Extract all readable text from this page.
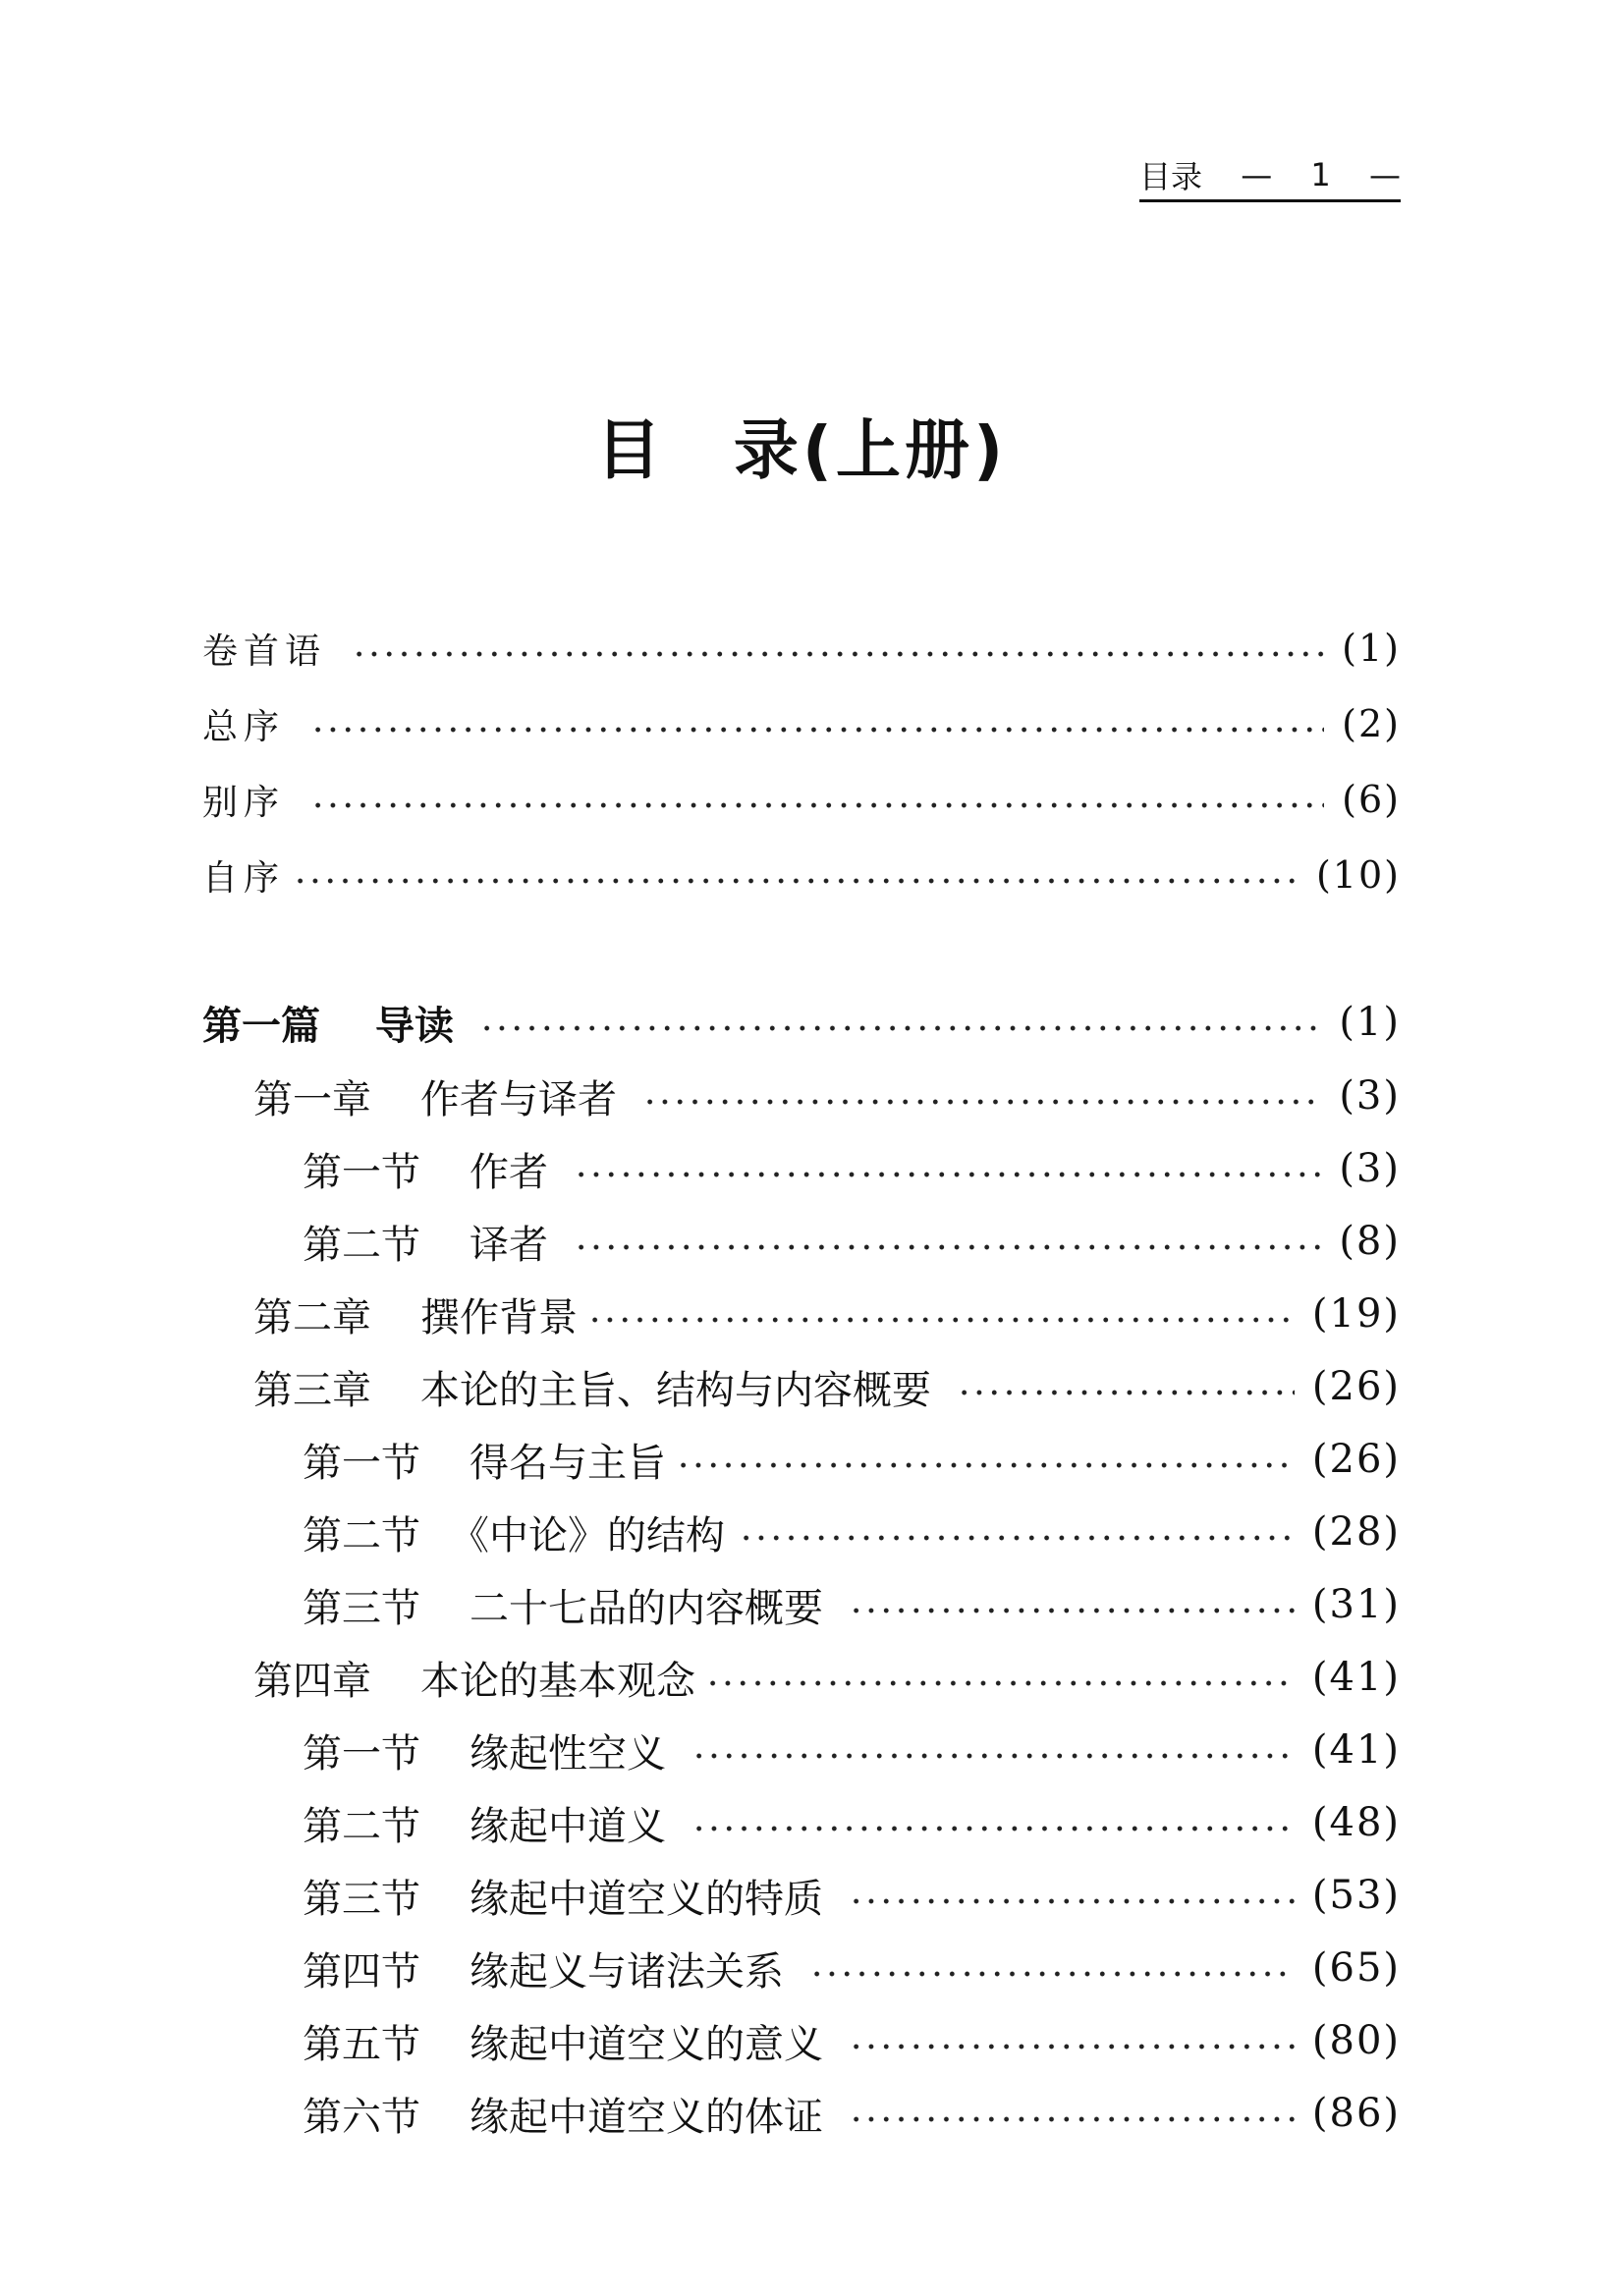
目录 — 1 —
目 录(上册)
卷首语	(1)
总序	(2)
别序	(6)
自序	(10)
第一篇 导读	(1)
第一章 作者与译者	(3)
第一节 作者	(3)
第二节 译者	(8)
第二章 撰作背景	(19)
第三章 本论的主旨、结构与内容概要	(26)
第一节 得名与主旨	(26)
第二节 《中论》的结构	(28)
第三节 二十七品的内容概要	(31)
第四章 本论的基本观念	(41)
第一节 缘起性空义	(41)
第二节 缘起中道义	(48)
第三节 缘起中道空义的特质	(53)
第四节 缘起义与诸法关系	(65)
第五节 缘起中道空义的意义	(80)
第六节 缘起中道空义的体证	(86)
